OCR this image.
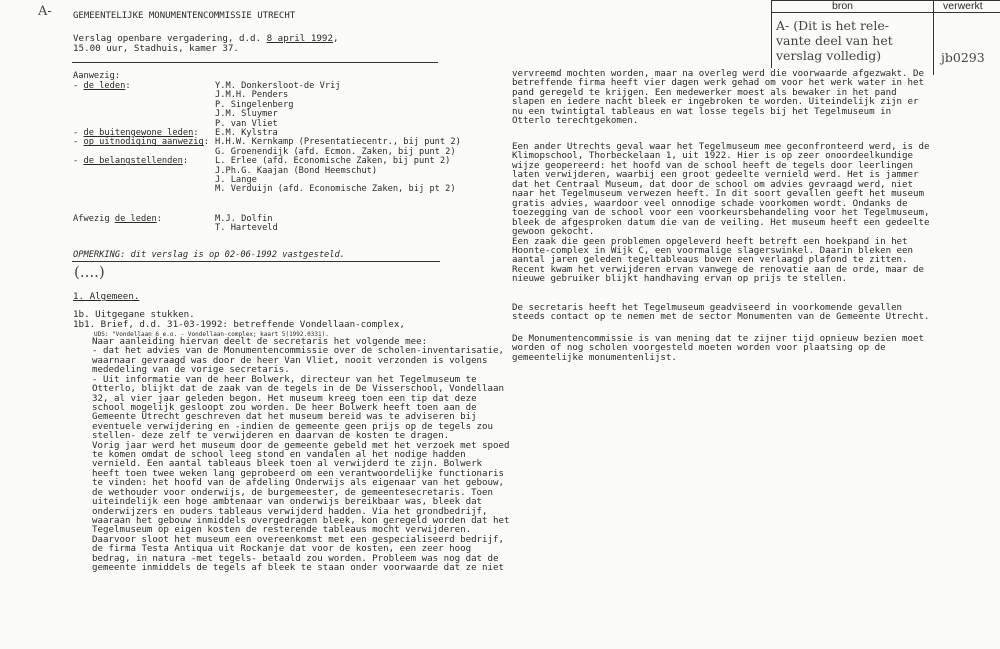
A- GEMEENTELIJKE MONUMENTENCOMMISSIE UTRECHT
Verslag openbare vergadering, d.d. 8 april 1992,
15.00 uur, Stadhuis, kamer 37.
bron	verwerkt
A- (Dit is het rele-
vante deel van het
verslag volledig)	jb0293
Aanwezig:
- de leden:	Y.M. Donkersloot-de Vrij
J.M.H. Penders
P. Singelenberg
J.M. Sluymer
P. van Vliet
- de buitengewone leden: E.M. Kylstra
- op uitnodiging aanwezig: H.H.W. Kernkamp (Presentatiecentr., bij punt 2)
G. Groenendijk (afd. Ecmon. Zaken, bij punt 2)
- de belangstellenden:	L. Erlee (afd. Economische Zaken, bij punt 2)
J.Ph.G. Kaajan (Bond Heemschut)
J. Lange
M. Verduijn (afd. Economische Zaken, bij pt 2)
Afwezig de leden:	M.J. Dolfin
T. Harteveld
OPMERKING: dit verslag is op 02-06-1992 vastgesteld.
(....)
1. Algemeen.
1b. Uitgegane stukken.
1b1. Brief, d.d. 31-03-1992: betreffende Vondellaan-complex,
UDS: "Vondellaan 6 e.o. - Vondellaan-complex; kaart 5(1992.0331).
Naar aanleiding hiervan deelt de secretaris het volgende mee:
- dat het advies van de Monumentencommissie over de scholen-inventarisatie,
waarnaar gevraagd was door de heer Van Vliet, nooit verzonden is volgens
mededeling van de vorige secretaris.
- Uit informatie van de heer Bolwerk, directeur van het Tegelmuseum te
Otterlo, blijkt dat de zaak van de tegels in de De Visserschool, Vondellaan
32, al vier jaar geleden begon. Het museum kreeg toen een tip dat deze
school mogelijk gesloopt zou worden. De heer Bolwerk heeft toen aan de
Gemeente Utrecht geschreven dat het museum bereid was te adviseren bij
eventuele verwijdering en -indien de gemeente geen prijs op de tegels zou
stellen- deze zelf te verwijderen en daarvan de kosten te dragen.
Vorig jaar werd het museum door de gemeente gebeld met het verzoek met spoed
te komen omdat de school leeg stond en vandalen al het nodige hadden
vernield. Een aantal tableaus bleek toen al verwijderd te zijn. Bolwerk
heeft toen twee weken lang geprobeerd om een verantwoordelijke functionaris
te vinden: het hoofd van de afdeling Onderwijs als eigenaar van het gebouw,
de wethouder voor onderwijs, de burgemeester, de gemeentesecretaris. Toen
uiteindelijk een hoge ambtenaar van onderwijs bereikbaar was, bleek dat
onderwijzers en ouders tableaus verwijderd hadden. Via het grondbedrijf,
waaraan het gebouw inmiddels overgedragen bleek, kon geregeld worden dat het
Tegelmuseum op eigen kosten de resterende tableaus mocht verwijderen.
Daarvoor sloot het museum een overeenkomst met een gespecialiseerd bedrijf,
de firma Testa Antiqua uit Rockanje dat voor de kosten, een zeer hoog
bedrag, in natura -met tegels- betaald zou worden. Probleem was nog dat de
gemeente inmiddels de tegels af bleek te staan onder voorwaarde dat ze niet
vervreemd mochten worden, maar na overleg werd die voorwaarde afgezwakt. De
betreffende firma heeft vier dagen werk gehad om voor het werk water in het
pand geregeld te krijgen. Een medewerker moest als bewaker in het pand
slapen en iedere nacht bleek er ingebroken te worden. Uiteindelijk zijn er
nu een twintigtal tableaus en wat losse tegels bij het Tegelmuseum in
Otterlo terechtgekomen.
Een ander Utrechts geval waar het Tegelmuseum mee geconfronteerd werd, is de
Klimopschool, Thorbeckelaan 1, uit 1922. Hier is op zeer onoordeelkundige
wijze geopereerd: het hoofd van de school heeft de tegels door leerlingen
laten verwijderen, waarbij een groot gedeelte vernield werd. Het is jammer
dat het Centraal Museum, dat door de school om advies gevraagd werd, niet
naar het Tegelmuseum verwezen heeft. In dit soort gevallen geeft het museum
gratis advies, waardoor veel onnodige schade voorkomen wordt. Ondanks de
toezegging van de school voor een voorkeursbehandeling voor het Tegelmuseum,
bleek de afgesproken datum die van de veiling. Het museum heeft een gedeelte
gewoon gekocht.
Een zaak die geen problemen opgeleverd heeft betreft een hoekpand in het
Hoonte-complex in Wijk C, een voormalige slagerswinkel. Daarin bleken een
aantal jaren geleden tegeltableaus boven een verlaagd plafond te zitten.
Recent kwam het verwijderen ervan vanwege de renovatie aan de orde, maar de
nieuwe gebruiker blijkt handhaving ervan op prijs te stellen.
De secretaris heeft het Tegelmuseum geadviseerd in voorkomende gevallen
steeds contact op te nemen met de sector Monumenten van de Gemeente Utrecht.
De Monumentencommissie is van mening dat te zijner tijd opnieuw bezien moet
worden of nog scholen voorgesteld moeten worden voor plaatsing op de
gemeentelijke monumentenlijst.
